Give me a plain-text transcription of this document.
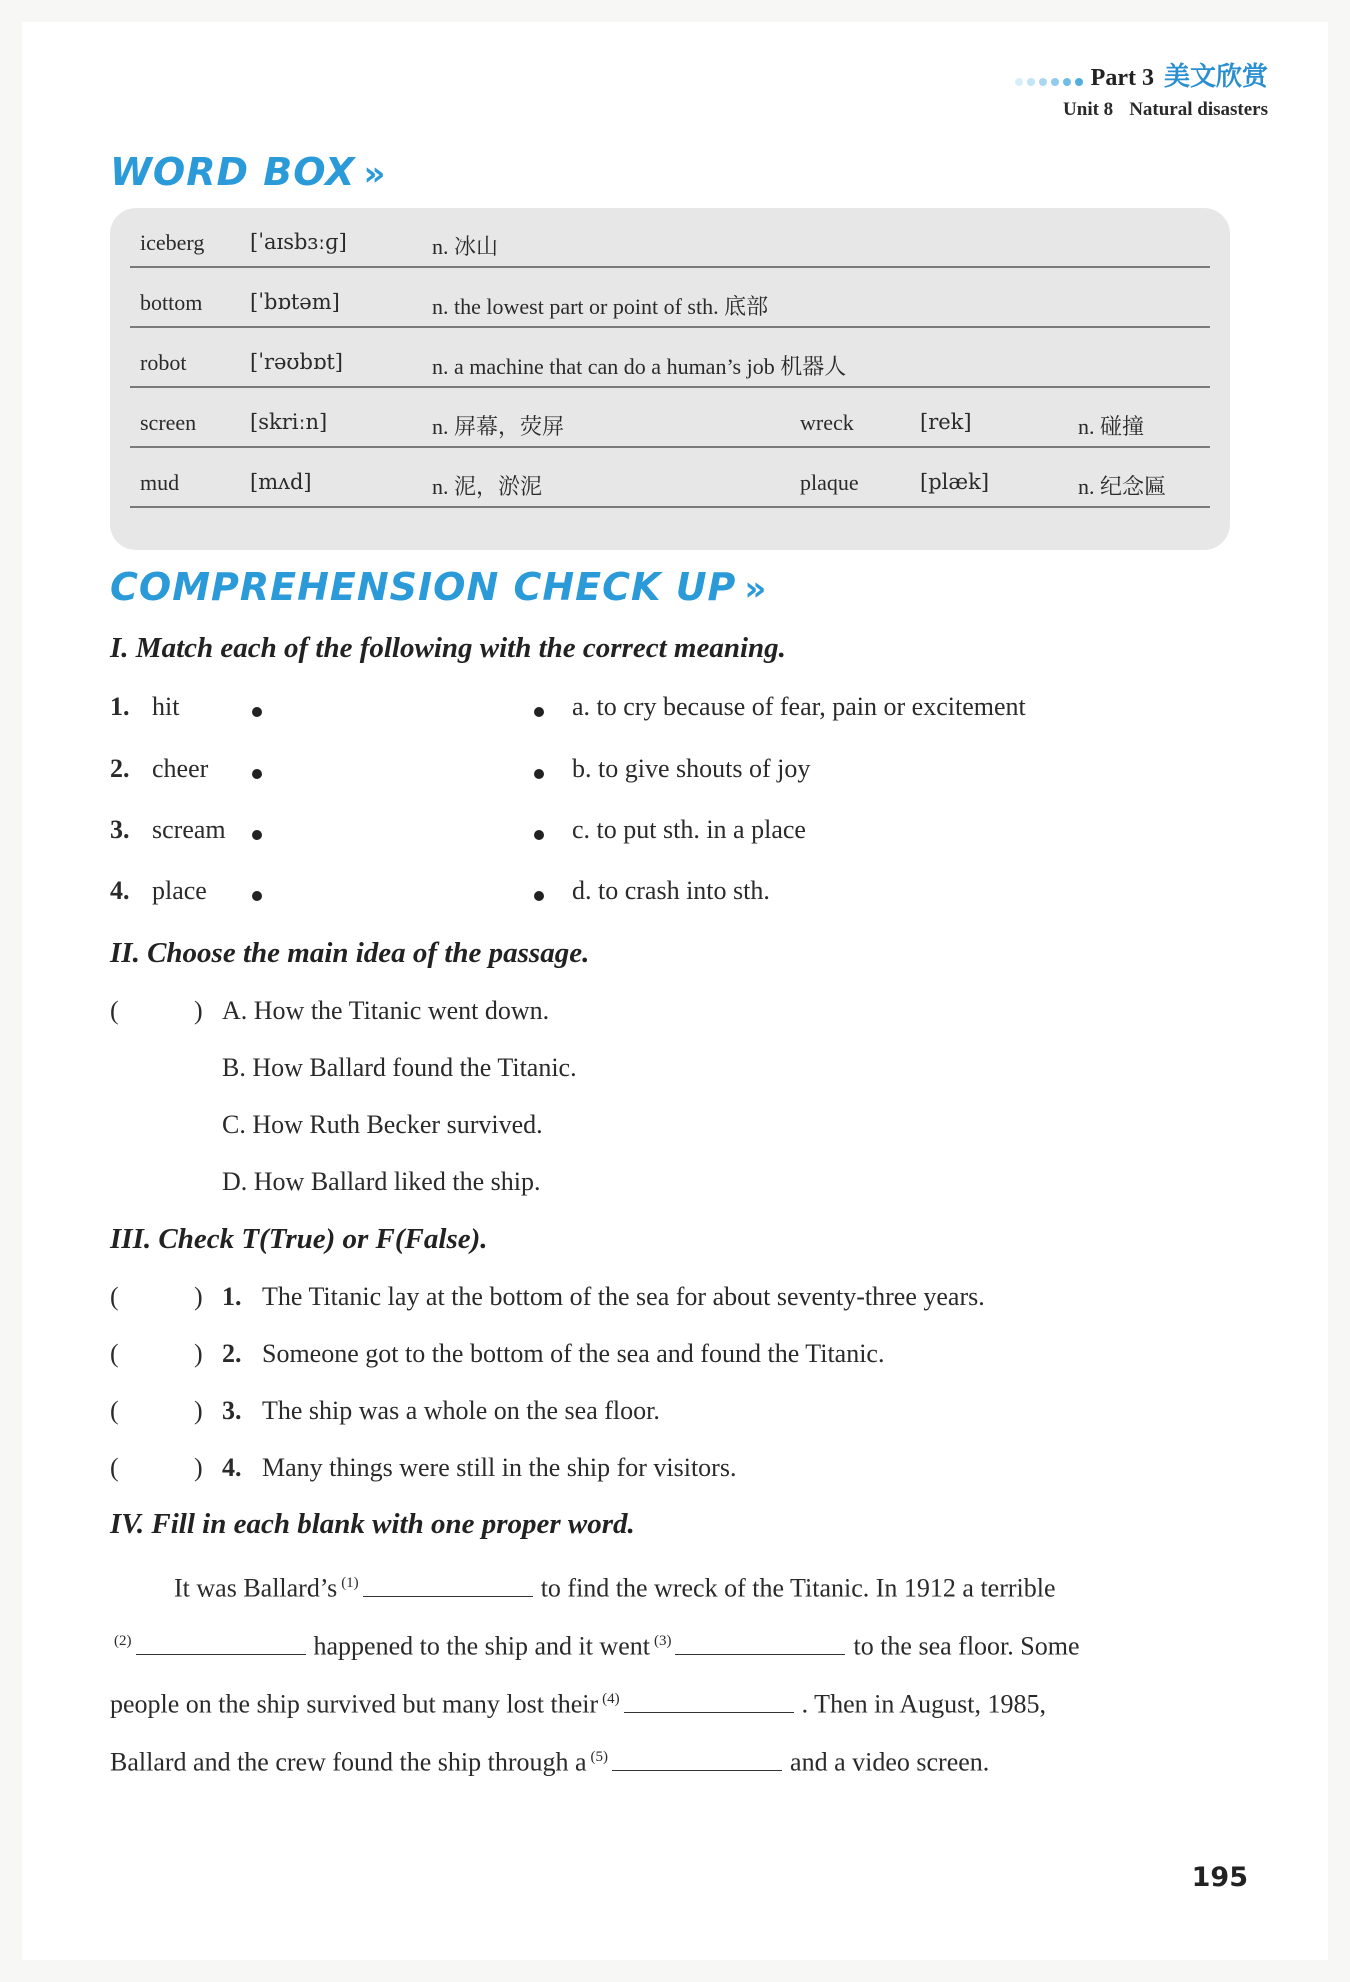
Part 3 美文欣赏
Unit 8 Natural disasters
WORD BOX »
iceberg [ˈaɪsbɜːɡ]	n. 冰山
bottom [ˈbɒtəm]	n. the lowest part or point of sth. 底部
robot	[ˈrəʊbɒt]	n. a machine that can do a human’s job 机器人
screen	[skriːn]	n. 屏幕，荧屏	wreck	[rek]	n. 碰撞
mud	[mʌd]	n. 泥，淤泥	plaque	[plæk]	n. 纪念匾
COMPREHENSION CHECK UP »
I. Match each of the following with the correct meaning.
1. hit	a. to cry because of fear, pain or excitement
2. cheer	b. to give shouts of joy
3. scream	c. to put sth. in a place
4. place	d. to crash into sth.
II. Choose the main idea of the passage.
(	) A. How the Titanic went down.
B. How Ballard found the Titanic.
C. How Ruth Becker survived.
D. How Ballard liked the ship.
III. Check T(True) or F(False).
(	) 1. The Titanic lay at the bottom of the sea for about seventy-three years.
(	) 2. Someone got to the bottom of the sea and found the Titanic.
(	) 3. The ship was a whole on the sea floor.
(	) 4. Many things were still in the ship for visitors.
IV. Fill in each blank with one proper word.
It was Ballard’s $^{(1)}$	to find the wreck of the Titanic. In 1912 a terrible
$^{(2)}$	happened to the ship and it went $^{(3)}$	to the sea floor. Some
people on the ship survived but many lost their $^{(4)}$	. Then in August, 1985,
Ballard and the crew found the ship through a $^{(5)}$	and a video screen.
195
